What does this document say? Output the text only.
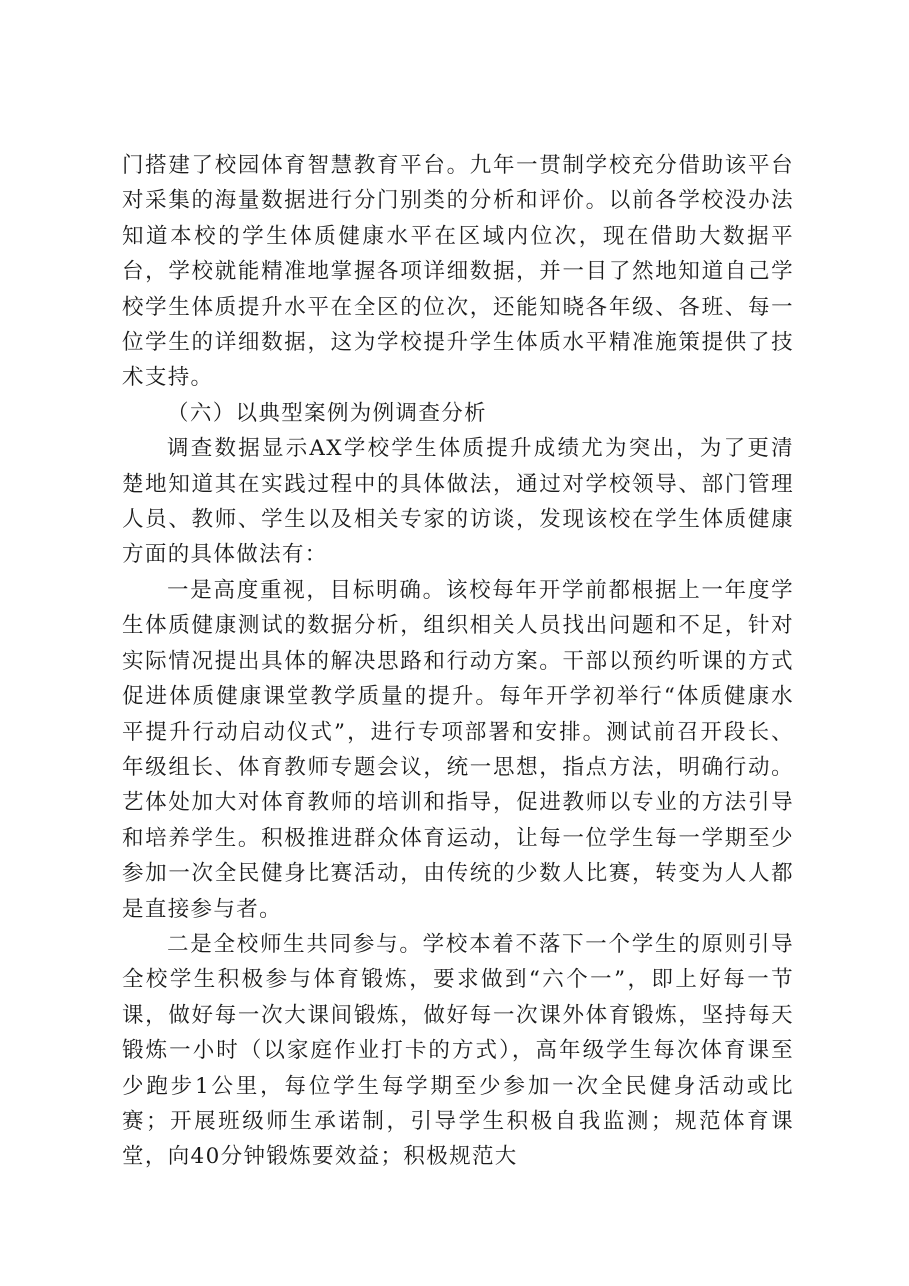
门搭建了校园体育智慧教育平台。九年一贯制学校充分借助该平台对采集的海量数据进行分门别类的分析和评价。以前各学校没办法知道本校的学生体质健康水平在区域内位次，现在借助大数据平台，学校就能精准地掌握各项详细数据，并一目了然地知道自己学校学生体质提升水平在全区的位次，还能知晓各年级、各班、每一位学生的详细数据，这为学校提升学生体质水平精准施策提供了技术支持。

（六）以典型案例为例调查分析

调查数据显示AX学校学生体质提升成绩尤为突出，为了更清楚地知道其在实践过程中的具体做法，通过对学校领导、部门管理人员、教师、学生以及相关专家的访谈，发现该校在学生体质健康方面的具体做法有：

一是高度重视，目标明确。该校每年开学前都根据上一年度学生体质健康测试的数据分析，组织相关人员找出问题和不足，针对实际情况提出具体的解决思路和行动方案。干部以预约听课的方式促进体质健康课堂教学质量的提升。每年开学初举行“体质健康水平提升行动启动仪式”，进行专项部署和安排。测试前召开段长、年级组长、体育教师专题会议，统一思想，指点方法，明确行动。艺体处加大对体育教师的培训和指导，促进教师以专业的方法引导和培养学生。积极推进群众体育运动，让每一位学生每一学期至少参加一次全民健身比赛活动，由传统的少数人比赛，转变为人人都是直接参与者。

二是全校师生共同参与。学校本着不落下一个学生的原则引导全校学生积极参与体育锻炼，要求做到“六个一”，即上好每一节课，做好每一次大课间锻炼，做好每一次课外体育锻炼，坚持每天锻炼一小时（以家庭作业打卡的方式），高年级学生每次体育课至少跑步1公里，每位学生每学期至少参加一次全民健身活动或比赛；开展班级师生承诺制，引导学生积极自我监测；规范体育课堂，向40分钟锻炼要效益；积极规范大
